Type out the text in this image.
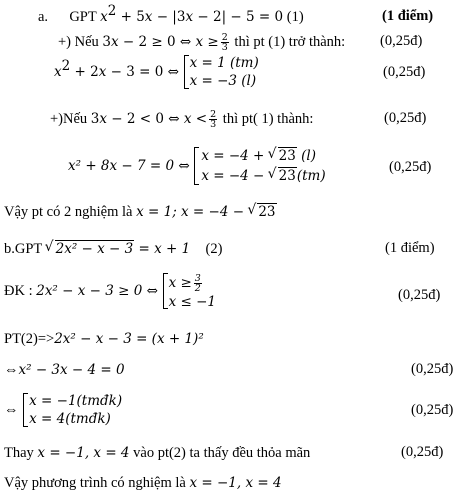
a. GPT $x^2 + 5x - |3x - 2| - 5 = 0$ (1)	(1 điểm)
+) Nếu 3x − 2 ≥ 0 ⇔ $x \ge \frac{2}{3}$ thì pt (1) trở thành: (0,25đ)
$x^2 + 2x - 3 = 0$ ⇔
x = 1 (tm)
x = −3 (l)
(0,25đ)
+)Nếu 3x − 2 < 0 ⇔ $x < \frac{2}{3}$ thì pt( 1) thành:	(0,25đ)
x² + 8x − 7 = 0 ⇔
x = −4 + √ 23 (l)
x = −4 − √ 23(tm)
(0,25đ)
Vậy pt có 2 nghiệm là x = 1; x = −4 − √ 23
b.GPT √ 2x² − x − 3 = x + 1 (2)	(1 điểm)
ĐK : 2x² − x − 3 ≥ 0 ⇔ $x \ge \frac{3}{2}$
x ≤ −1	(0,25đ)
PT(2)=>2x² − x − 3 = (x + 1)²
⇔x² − 3x − 4 = 0	(0,25đ)
⇔
x = −1(tmđk)
x = 4(tmđk)
(0,25đ)
Thay x = −1, x = 4 vào pt(2) ta thấy đều thỏa mãn	(0,25đ)
Vậy phương trình có nghiệm là x = −1, x = 4
